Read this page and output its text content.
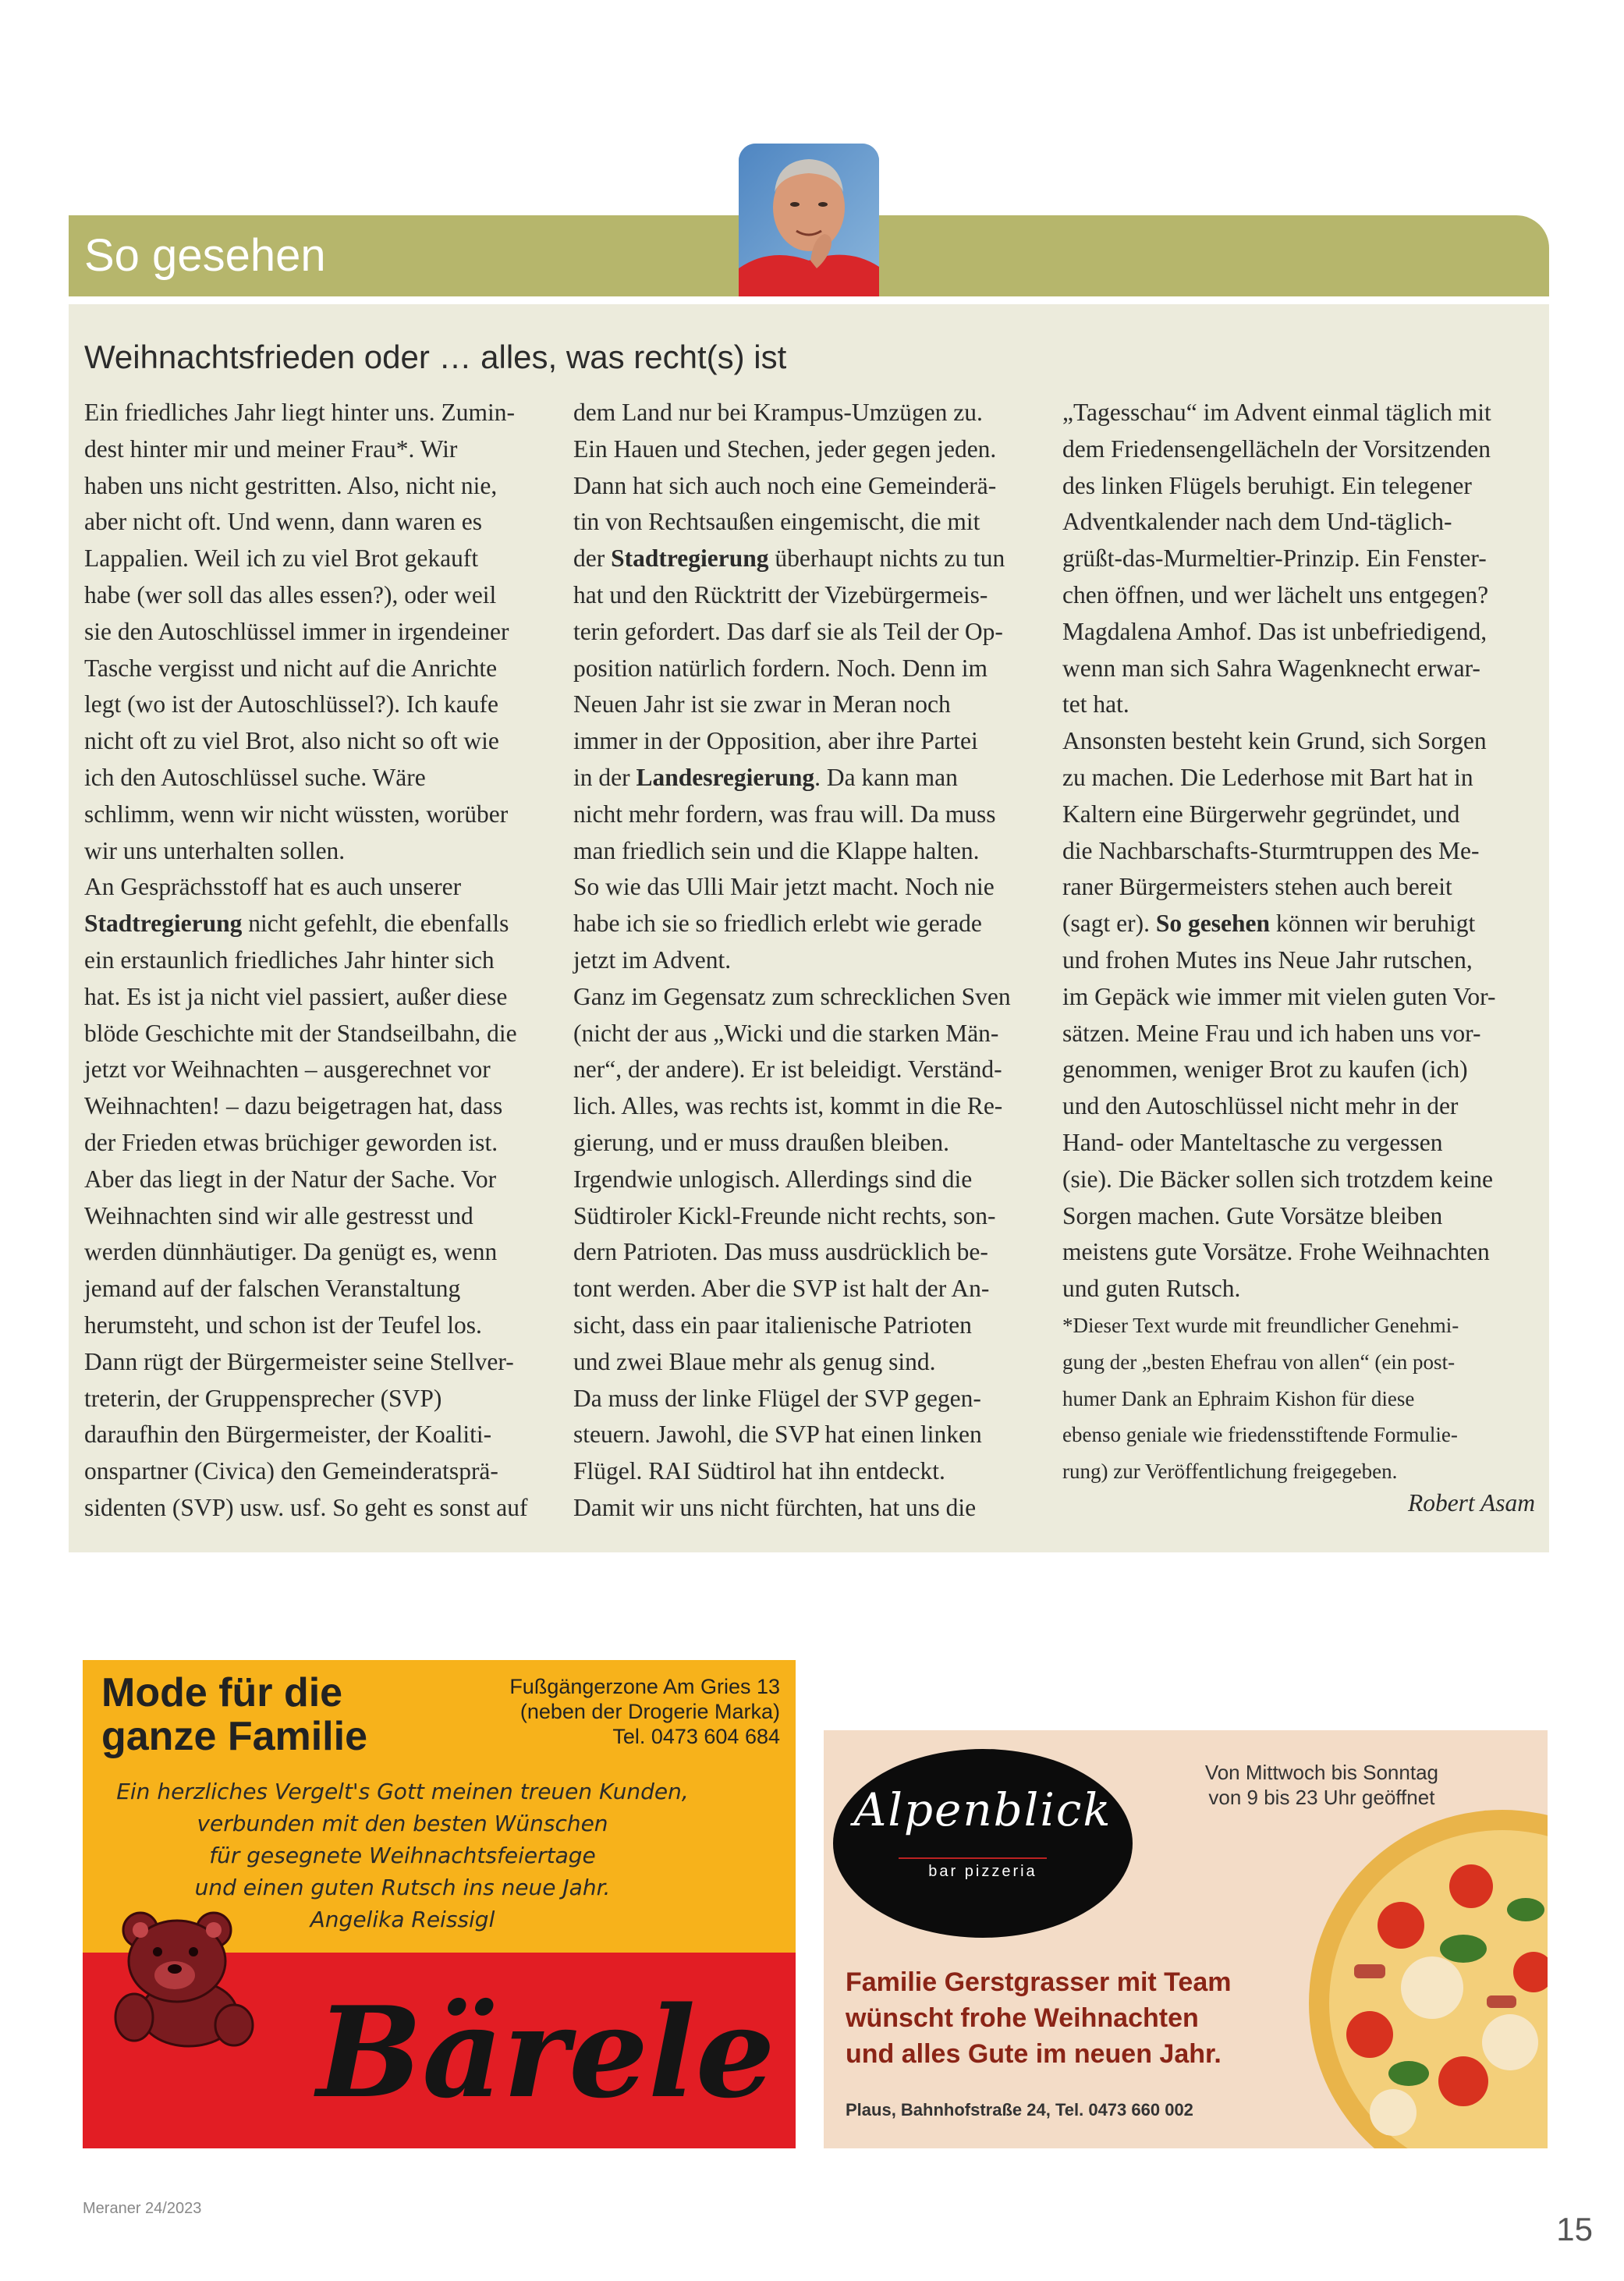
So gesehen
Weihnachtsfrieden oder … alles, was recht(s) ist
Ein friedliches Jahr liegt hinter uns. Zumin-
dest hinter mir und meiner Frau*. Wir
haben uns nicht gestritten. Also, nicht nie,
aber nicht oft. Und wenn, dann waren es
Lappalien. Weil ich zu viel Brot gekauft
habe (wer soll das alles essen?), oder weil
sie den Autoschlüssel immer in irgendeiner
Tasche vergisst und nicht auf die Anrichte
legt (wo ist der Autoschlüssel?). Ich kaufe
nicht oft zu viel Brot, also nicht so oft wie
ich den Autoschlüssel suche. Wäre
schlimm, wenn wir nicht wüssten, worüber
wir uns unterhalten sollen.
An Gesprächsstoff hat es auch unserer
Stadtregierung nicht gefehlt, die ebenfalls
ein erstaunlich friedliches Jahr hinter sich
hat. Es ist ja nicht viel passiert, außer diese
blöde Geschichte mit der Standseilbahn, die
jetzt vor Weihnachten – ausgerechnet vor
Weihnachten! – dazu beigetragen hat, dass
der Frieden etwas brüchiger geworden ist.
Aber das liegt in der Natur der Sache. Vor
Weihnachten sind wir alle gestresst und
werden dünnhäutiger. Da genügt es, wenn
jemand auf der falschen Veranstaltung
herumsteht, und schon ist der Teufel los.
Dann rügt der Bürgermeister seine Stellver-
treterin, der Gruppensprecher (SVP)
daraufhin den Bürgermeister, der Koaliti-
onspartner (Civica) den Gemeinderatsprä-
sidenten (SVP) usw. usf. So geht es sonst auf
dem Land nur bei Krampus-Umzügen zu.
Ein Hauen und Stechen, jeder gegen jeden.
Dann hat sich auch noch eine Gemeinderä-
tin von Rechtsaußen eingemischt, die mit
der Stadtregierung überhaupt nichts zu tun
hat und den Rücktritt der Vizebürgermeis-
terin gefordert. Das darf sie als Teil der Op-
position natürlich fordern. Noch. Denn im
Neuen Jahr ist sie zwar in Meran noch
immer in der Opposition, aber ihre Partei
in der Landesregierung. Da kann man
nicht mehr fordern, was frau will. Da muss
man friedlich sein und die Klappe halten.
So wie das Ulli Mair jetzt macht. Noch nie
habe ich sie so friedlich erlebt wie gerade
jetzt im Advent.
Ganz im Gegensatz zum schrecklichen Sven
(nicht der aus „Wicki und die starken Män-
ner“, der andere). Er ist beleidigt. Verständ-
lich. Alles, was rechts ist, kommt in die Re-
gierung, und er muss draußen bleiben.
Irgendwie unlogisch. Allerdings sind die
Südtiroler Kickl-Freunde nicht rechts, son-
dern Patrioten. Das muss ausdrücklich be-
tont werden. Aber die SVP ist halt der An-
sicht, dass ein paar italienische Patrioten
und zwei Blaue mehr als genug sind.
Da muss der linke Flügel der SVP gegen-
steuern. Jawohl, die SVP hat einen linken
Flügel. RAI Südtirol hat ihn entdeckt.
Damit wir uns nicht fürchten, hat uns die
„Tagesschau“ im Advent einmal täglich mit
dem Friedensengellächeln der Vorsitzenden
des linken Flügels beruhigt. Ein telegener
Adventkalender nach dem Und-täglich-
grüßt-das-Murmeltier-Prinzip. Ein Fenster-
chen öffnen, und wer lächelt uns entgegen?
Magdalena Amhof. Das ist unbefriedigend,
wenn man sich Sahra Wagenknecht erwar-
tet hat.
Ansonsten besteht kein Grund, sich Sorgen
zu machen. Die Lederhose mit Bart hat in
Kaltern eine Bürgerwehr gegründet, und
die Nachbarschafts-Sturmtruppen des Me-
raner Bürgermeisters stehen auch bereit
(sagt er). So gesehen können wir beruhigt
und frohen Mutes ins Neue Jahr rutschen,
im Gepäck wie immer mit vielen guten Vor-
sätzen. Meine Frau und ich haben uns vor-
genommen, weniger Brot zu kaufen (ich)
und den Autoschlüssel nicht mehr in der
Hand- oder Manteltasche zu vergessen
(sie). Die Bäcker sollen sich trotzdem keine
Sorgen machen. Gute Vorsätze bleiben
meistens gute Vorsätze. Frohe Weihnachten
und guten Rutsch.
*Dieser Text wurde mit freundlicher Genehmi-
gung der „besten Ehefrau von allen“ (ein post-
humer Dank an Ephraim Kishon für diese
ebenso geniale wie friedensstiftende Formulie-
rung) zur Veröffentlichung freigegeben.
Robert Asam
Mode für die
ganze Familie
Fußgängerzone Am Gries 13
(neben der Drogerie Marka)
Tel. 0473 604 684
Ein herzliches Vergelt's Gott meinen treuen Kunden,
verbunden mit den besten Wünschen
für gesegnete Weihnachtsfeiertage
und einen guten Rutsch ins neue Jahr.
Angelika Reissigl
Bärele
Alpenblick
bar pizzeria
Von Mittwoch bis Sonntag
von 9 bis 23 Uhr geöffnet
Familie Gerstgrasser mit Team
wünscht frohe Weihnachten
und alles Gute im neuen Jahr.
Plaus, Bahnhofstraße 24, Tel. 0473 660 002
Meraner 24/2023
15
